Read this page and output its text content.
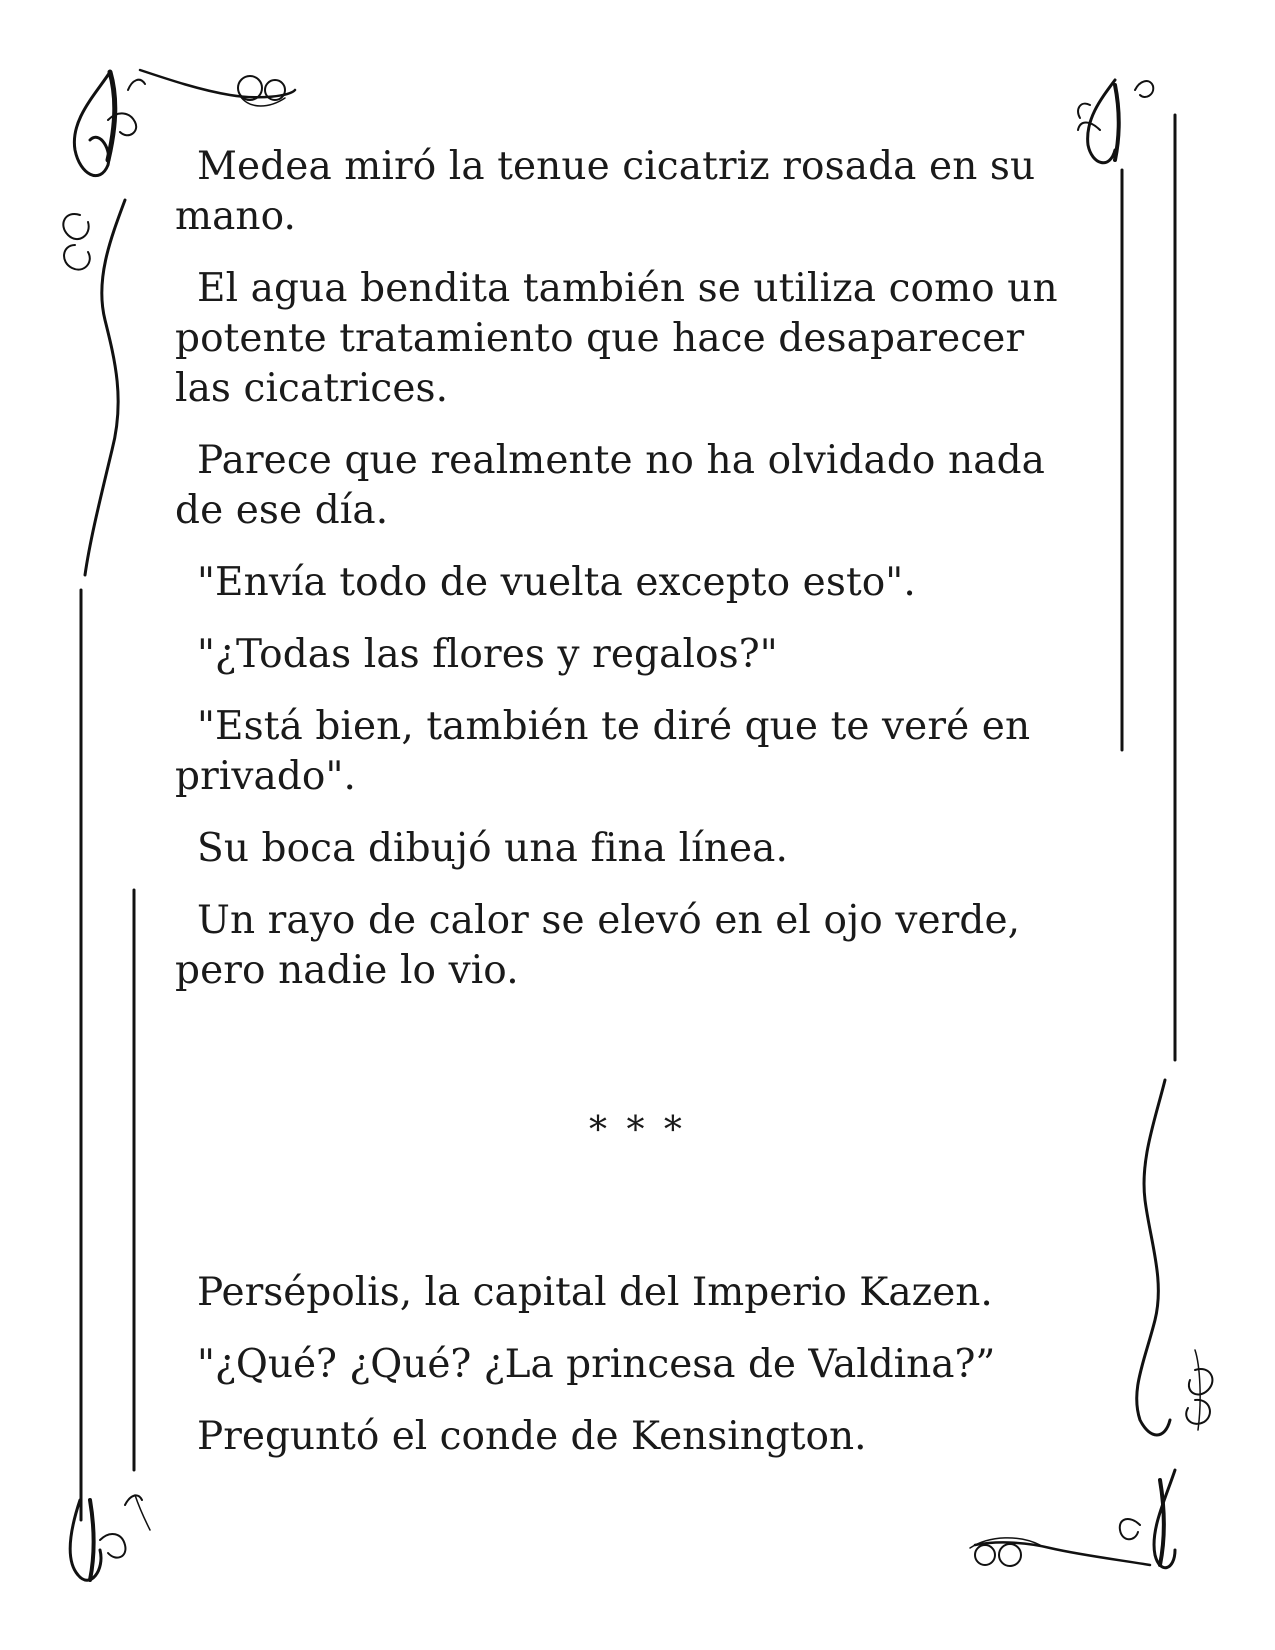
Medea miró la tenue cicatriz rosada en su mano.

El agua bendita también se utiliza como un potente tratamiento que hace desaparecer las cicatrices.

Parece que realmente no ha olvidado nada de ese día.

"Envía todo de vuelta excepto esto".

"¿Todas las flores y regalos?"

"Está bien, también te diré que te veré en privado".

Su boca dibujó una fina línea.

Un rayo de calor se elevó en el ojo verde, pero nadie lo vio.

* * *

Persépolis, la capital del Imperio Kazen.

"¿Qué? ¿Qué? ¿La princesa de Valdina?”

Preguntó el conde de Kensington.
